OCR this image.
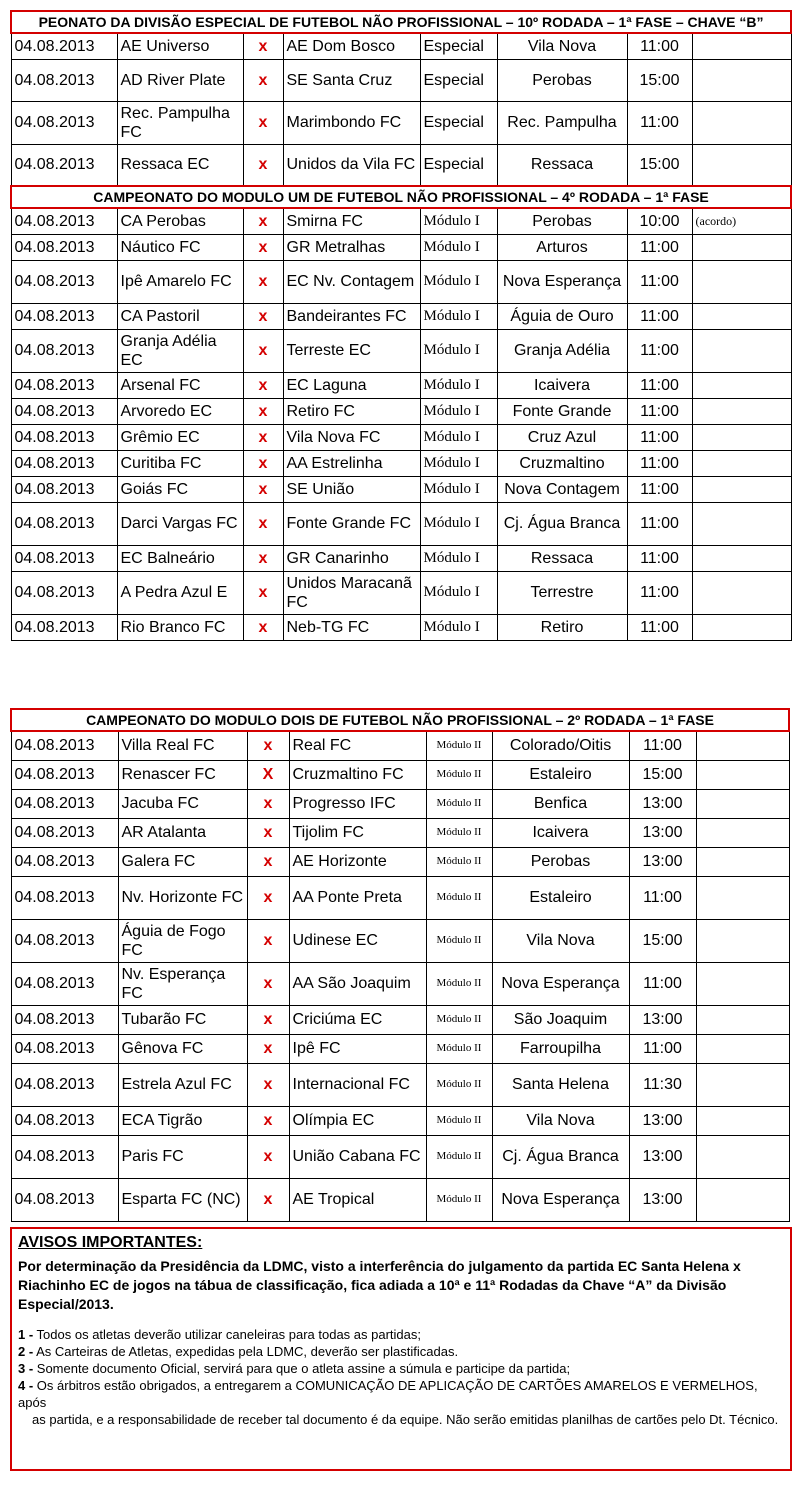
PEONATO DA DIVISÃO ESPECIAL DE FUTEBOL NÃO PROFISSIONAL – 10º RODADA – 1ª FASE – CHAVE “B”							
04.08.2013	AE Universo	x	AE Dom Bosco	Especial	Vila Nova	11:00	
04.08.2013	AD River Plate	x	SE Santa Cruz	Especial	Perobas	15:00	
04.08.2013	Rec. Pampulha FC	x	Marimbondo FC	Especial	Rec. Pampulha	11:00	
04.08.2013	Ressaca EC	x	Unidos da Vila FC	Especial	Ressaca	15:00	
CAMPEONATO DO MODULO UM DE FUTEBOL NÃO PROFISSIONAL – 4º RODADA – 1ª FASE							
04.08.2013	CA Perobas	x	Smirna FC	Módulo I	Perobas	10:00	(acordo)
04.08.2013	Náutico FC	x	GR Metralhas	Módulo I	Arturos	11:00	
04.08.2013	Ipê Amarelo FC	x	EC Nv. Contagem	Módulo I	Nova Esperança	11:00	
04.08.2013	CA Pastoril	x	Bandeirantes FC	Módulo I	Águia de Ouro	11:00	
04.08.2013	Granja Adélia EC	x	Terreste EC	Módulo I	Granja Adélia	11:00	
04.08.2013	Arsenal FC	x	EC Laguna	Módulo I	Icaivera	11:00	
04.08.2013	Arvoredo EC	x	Retiro FC	Módulo I	Fonte Grande	11:00	
04.08.2013	Grêmio EC	x	Vila Nova FC	Módulo I	Cruz Azul	11:00	
04.08.2013	Curitiba FC	x	AA Estrelinha	Módulo I	Cruzmaltino	11:00	
04.08.2013	Goiás FC	x	SE União	Módulo I	Nova Contagem	11:00	
04.08.2013	Darci Vargas FC	x	Fonte Grande FC	Módulo I	Cj. Água Branca	11:00	
04.08.2013	EC Balneário	x	GR Canarinho	Módulo I	Ressaca	11:00	
04.08.2013	A Pedra Azul E	x	Unidos Maracanã FC	Módulo I	Terrestre	11:00	
04.08.2013	Rio Branco FC	x	Neb-TG FC	Módulo I	Retiro	11:00	
CAMPEONATO DO MODULO DOIS DE FUTEBOL NÃO PROFISSIONAL – 2º RODADA – 1ª FASE							
04.08.2013	Villa Real FC	x	Real FC	Módulo II	Colorado/Oitis	11:00	
04.08.2013	Renascer FC	X	Cruzmaltino FC	Módulo II	Estaleiro	15:00	
04.08.2013	Jacuba FC	x	Progresso IFC	Módulo II	Benfica	13:00	
04.08.2013	AR Atalanta	x	Tijolim FC	Módulo II	Icaivera	13:00	
04.08.2013	Galera FC	x	AE Horizonte	Módulo II	Perobas	13:00	
04.08.2013	Nv. Horizonte FC	x	AA Ponte Preta	Módulo II	Estaleiro	11:00	
04.08.2013	Águia de Fogo FC	x	Udinese EC	Módulo II	Vila Nova	15:00	
04.08.2013	Nv. Esperança FC	x	AA São Joaquim	Módulo II	Nova Esperança	11:00	
04.08.2013	Tubarão FC	x	Criciúma EC	Módulo II	São Joaquim	13:00	
04.08.2013	Gênova FC	x	Ipê FC	Módulo II	Farroupilha	11:00	
04.08.2013	Estrela Azul FC	x	Internacional FC	Módulo II	Santa Helena	11:30	
04.08.2013	ECA Tigrão	x	Olímpia EC	Módulo II	Vila Nova	13:00	
04.08.2013	Paris FC	x	União Cabana FC	Módulo II	Cj. Água Branca	13:00	
04.08.2013	Esparta FC (NC)	x	AE Tropical	Módulo II	Nova Esperança	13:00	
AVISOS IMPORTANTES:
Por determinação da Presidência da LDMC, visto a interferência do julgamento da partida EC Santa Helena x Riachinho EC de jogos na tábua de classificação, fica adiada a 10ª e 11ª Rodadas da Chave “A” da Divisão Especial/2013.
1 - Todos os atletas deverão utilizar caneleiras para todas as partidas;
2 - As Carteiras de Atletas, expedidas pela LDMC, deverão ser plastificadas.
3 - Somente documento Oficial, servirá para que o atleta assine a súmula e participe da partida;
4 - Os árbitros estão obrigados, a entregarem a COMUNICAÇÃO DE APLICAÇÃO DE CARTÕES AMARELOS E VERMELHOS, após
as partida, e a responsabilidade de receber tal documento é da equipe. Não serão emitidas planilhas de cartões pelo Dt. Técnico.
